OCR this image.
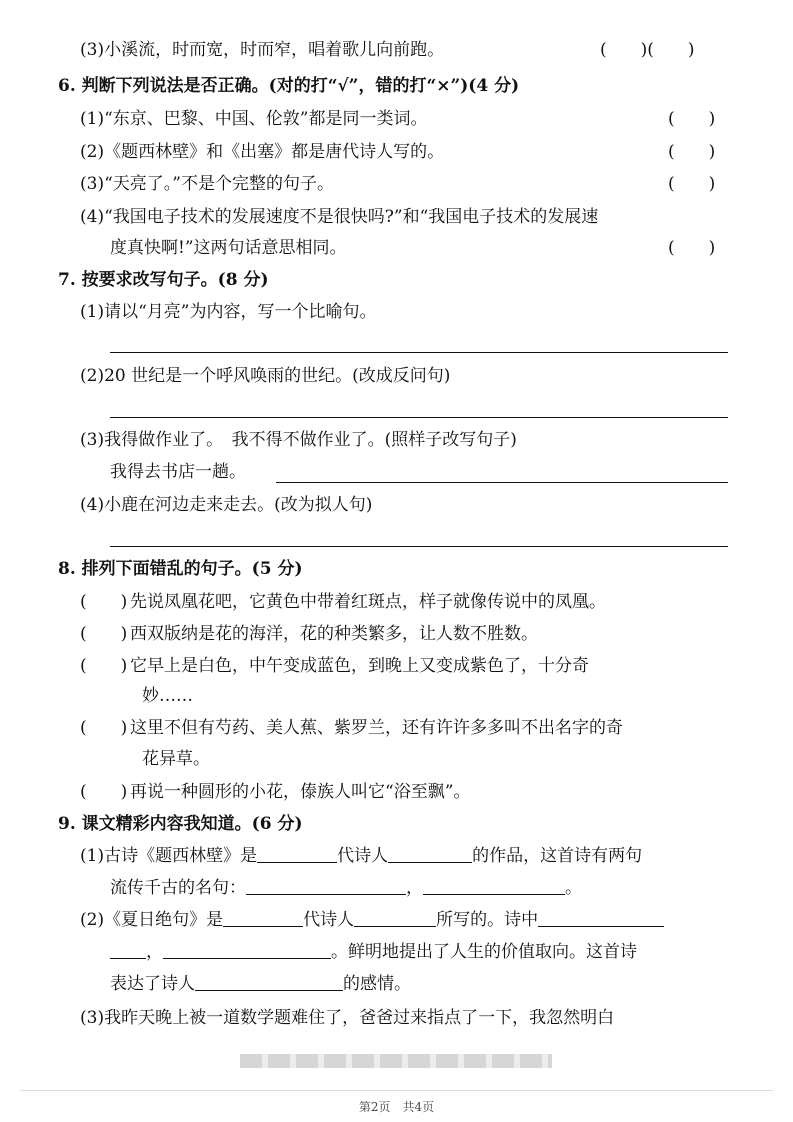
(3)小溪流，时而宽，时而窄，唱着歌儿向前跑。	(　　)(　　)
6. 判断下列说法是否正确。(对的打“√”，错的打“×”)(4 分)
(1)“东京、巴黎、中国、伦敦”都是同一类词。	(　　)
(2)《题西林壁》和《出塞》都是唐代诗人写的。	(　　)
(3)“天亮了。”不是个完整的句子。	(　　)
(4)“我国电子技术的发展速度不是很快吗?”和“我国电子技术的发展速
度真快啊!”这两句话意思相同。	(　　)
7. 按要求改写句子。(8 分)
(1)请以“月亮”为内容，写一个比喻句。
(2)20 世纪是一个呼风唤雨的世纪。(改成反问句)
(3)我得做作业了。　我不得不做作业了。(照样子改写句子)
我得去书店一趟。
(4)小鹿在河边走来走去。(改为拟人句)
8. 排列下面错乱的句子。(5 分)
(　　) 先说凤凰花吧，它黄色中带着红斑点，样子就像传说中的凤凰。
(　　) 西双版纳是花的海洋，花的种类繁多，让人数不胜数。
(　　) 它早上是白色，中午变成蓝色，到晚上又变成紫色了，十分奇
妙……
(　　) 这里不但有芍药、美人蕉、紫罗兰，还有许许多多叫不出名字的奇
花异草。
(　　) 再说一种圆形的小花，傣族人叫它“浴至飘”。
9. 课文精彩内容我知道。(6 分)
(1)古诗《题西林壁》是	代诗人	的作品，这首诗有两句
流传千古的名句：	，	。
(2)《夏日绝句》是	代诗人	所写的。诗中
，	。鲜明地提出了人生的价值取向。这首诗
表达了诗人	的感情。
(3)我昨天晚上被一道数学题难住了，爸爸过来指点了一下，我忽然明白
第2页　共4页
